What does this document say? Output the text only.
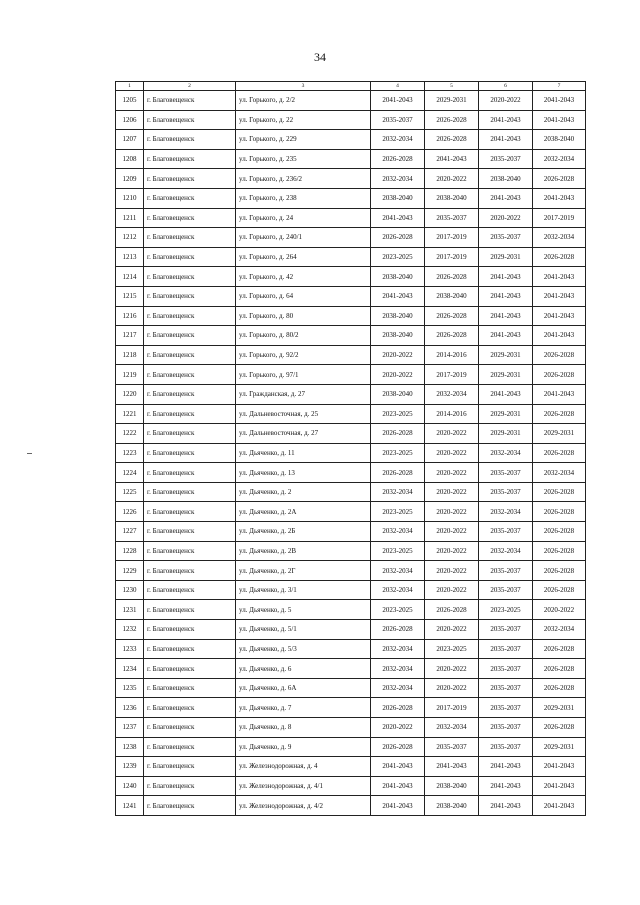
34
1	2	3	4	5	6	7
1205	г. Благовещенск	ул. Горького, д. 2/2	2041-2043	2029-2031	2020-2022	2041-2043
1206	г. Благовещенск	ул. Горького, д. 22	2035-2037	2026-2028	2041-2043	2041-2043
1207	г. Благовещенск	ул. Горького, д. 229	2032-2034	2026-2028	2041-2043	2038-2040
1208	г. Благовещенск	ул. Горького, д. 235	2026-2028	2041-2043	2035-2037	2032-2034
1209	г. Благовещенск	ул. Горького, д. 236/2	2032-2034	2020-2022	2038-2040	2026-2028
1210	г. Благовещенск	ул. Горького, д. 238	2038-2040	2038-2040	2041-2043	2041-2043
1211	г. Благовещенск	ул. Горького, д. 24	2041-2043	2035-2037	2020-2022	2017-2019
1212	г. Благовещенск	ул. Горького, д. 240/1	2026-2028	2017-2019	2035-2037	2032-2034
1213	г. Благовещенск	ул. Горького, д. 264	2023-2025	2017-2019	2029-2031	2026-2028
1214	г. Благовещенск	ул. Горького, д. 42	2038-2040	2026-2028	2041-2043	2041-2043
1215	г. Благовещенск	ул. Горького, д. 64	2041-2043	2038-2040	2041-2043	2041-2043
1216	г. Благовещенск	ул. Горького, д. 80	2038-2040	2026-2028	2041-2043	2041-2043
1217	г. Благовещенск	ул. Горького, д. 80/2	2038-2040	2026-2028	2041-2043	2041-2043
1218	г. Благовещенск	ул. Горького, д. 92/2	2020-2022	2014-2016	2029-2031	2026-2028
1219	г. Благовещенск	ул. Горького, д. 97/1	2020-2022	2017-2019	2029-2031	2026-2028
1220	г. Благовещенск	ул. Гражданская, д. 27	2038-2040	2032-2034	2041-2043	2041-2043
1221	г. Благовещенск	ул. Дальневосточная, д. 25	2023-2025	2014-2016	2029-2031	2026-2028
1222	г. Благовещенск	ул. Дальневосточная, д. 27	2026-2028	2020-2022	2029-2031	2029-2031
1223	г. Благовещенск	ул. Дьяченко, д. 11	2023-2025	2020-2022	2032-2034	2026-2028
1224	г. Благовещенск	ул. Дьяченко, д. 13	2026-2028	2020-2022	2035-2037	2032-2034
1225	г. Благовещенск	ул. Дьяченко, д. 2	2032-2034	2020-2022	2035-2037	2026-2028
1226	г. Благовещенск	ул. Дьяченко, д. 2А	2023-2025	2020-2022	2032-2034	2026-2028
1227	г. Благовещенск	ул. Дьяченко, д. 2Б	2032-2034	2020-2022	2035-2037	2026-2028
1228	г. Благовещенск	ул. Дьяченко, д. 2В	2023-2025	2020-2022	2032-2034	2026-2028
1229	г. Благовещенск	ул. Дьяченко, д. 2Г	2032-2034	2020-2022	2035-2037	2026-2028
1230	г. Благовещенск	ул. Дьяченко, д. 3/1	2032-2034	2020-2022	2035-2037	2026-2028
1231	г. Благовещенск	ул. Дьяченко, д. 5	2023-2025	2026-2028	2023-2025	2020-2022
1232	г. Благовещенск	ул. Дьяченко, д. 5/1	2026-2028	2020-2022	2035-2037	2032-2034
1233	г. Благовещенск	ул. Дьяченко, д. 5/3	2032-2034	2023-2025	2035-2037	2026-2028
1234	г. Благовещенск	ул. Дьяченко, д. 6	2032-2034	2020-2022	2035-2037	2026-2028
1235	г. Благовещенск	ул. Дьяченко, д. 6А	2032-2034	2020-2022	2035-2037	2026-2028
1236	г. Благовещенск	ул. Дьяченко, д. 7	2026-2028	2017-2019	2035-2037	2029-2031
1237	г. Благовещенск	ул. Дьяченко, д. 8	2020-2022	2032-2034	2035-2037	2026-2028
1238	г. Благовещенск	ул. Дьяченко, д. 9	2026-2028	2035-2037	2035-2037	2029-2031
1239	г. Благовещенск	ул. Железнодорожная, д. 4	2041-2043	2041-2043	2041-2043	2041-2043
1240	г. Благовещенск	ул. Железнодорожная, д. 4/1	2041-2043	2038-2040	2041-2043	2041-2043
1241	г. Благовещенск	ул. Железнодорожная, д. 4/2	2041-2043	2038-2040	2041-2043	2041-2043
